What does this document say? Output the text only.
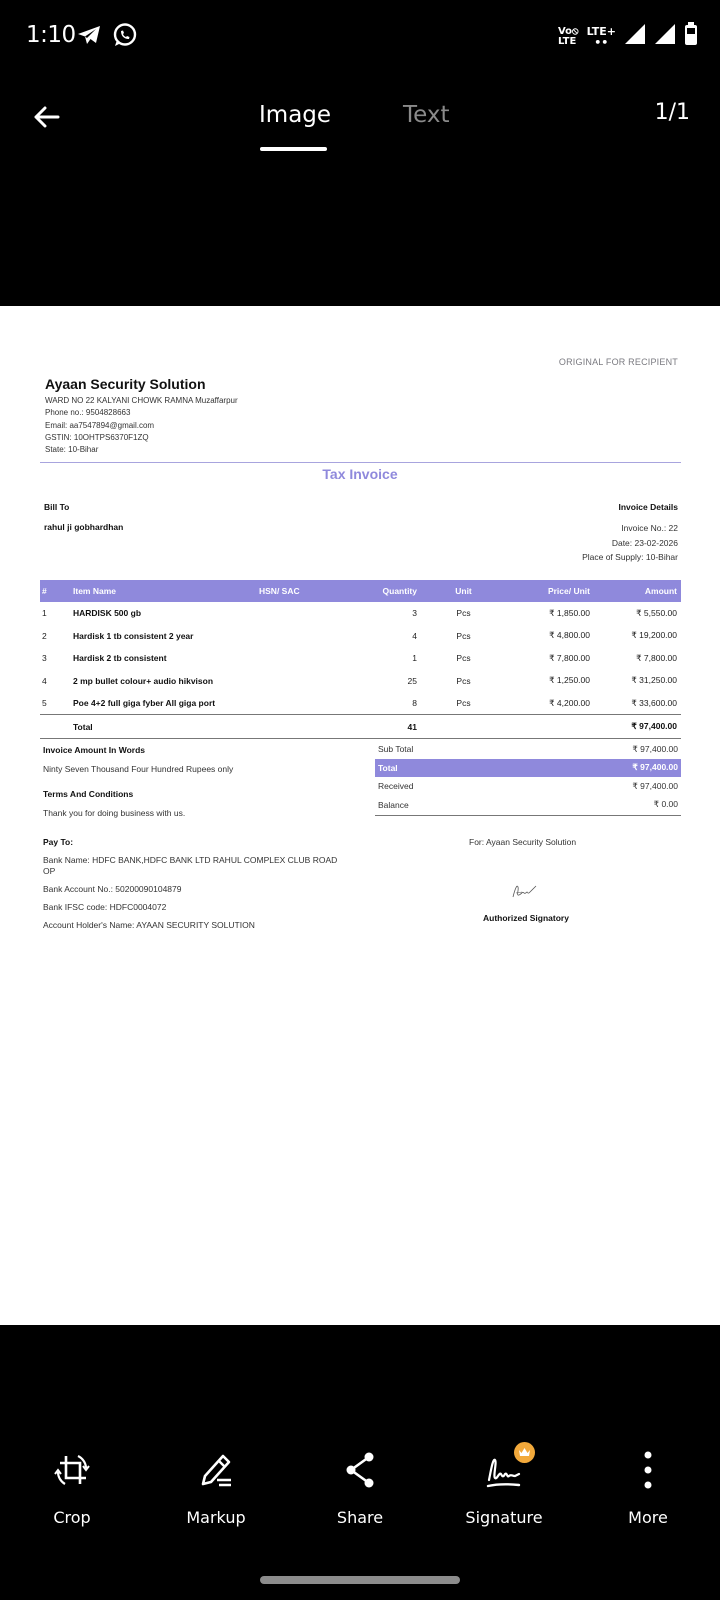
1:10	Vo⦸
LTE
LTE+
••
Image	Text	1/1
ORIGINAL FOR RECIPIENT
Ayaan Security Solution
WARD NO 22 KALYANI CHOWK RAMNA Muzaffarpur
Phone no.: 9504828663
Email: aa7547894@gmail.com
GSTIN: 10OHTPS6370F1ZQ
State: 10-Bihar
Tax Invoice
Bill To
rahul ji gobhardhan
Invoice Details
Invoice No.: 22
Date: 23-02-2026
Place of Supply: 10-Bihar
#	Item Name	HSN/ SAC	Quantity	Unit	Price/ Unit	Amount
1	HARDISK 500 gb		3	Pcs	₹ 1,850.00	₹ 5,550.00
2	Hardisk 1 tb consistent 2 year		4	Pcs	₹ 4,800.00	₹ 19,200.00
3	Hardisk 2 tb consistent		1	Pcs	₹ 7,800.00	₹ 7,800.00
4	2 mp bullet colour+ audio hikvison		25	Pcs	₹ 1,250.00	₹ 31,250.00
5	Poe 4+2 full giga fyber All giga port		8	Pcs	₹ 4,200.00	₹ 33,600.00
	Total		41			₹ 97,400.00
Invoice Amount In Words
Ninty Seven Thousand Four Hundred Rupees only
Terms And Conditions
Thank you for doing business with us.
Sub Total	₹ 97,400.00
Total	₹ 97,400.00
Received	₹ 97,400.00
Balance	₹ 0.00
Pay To:
Bank Name: HDFC BANK,HDFC BANK LTD RAHUL COMPLEX CLUB ROAD OP
Bank Account No.: 50200090104879
Bank IFSC code: HDFC0004072
Account Holder's Name: AYAAN SECURITY SOLUTION
For: Ayaan Security Solution
Authorized Signatory
Crop	Markup	Share	Signature	More
